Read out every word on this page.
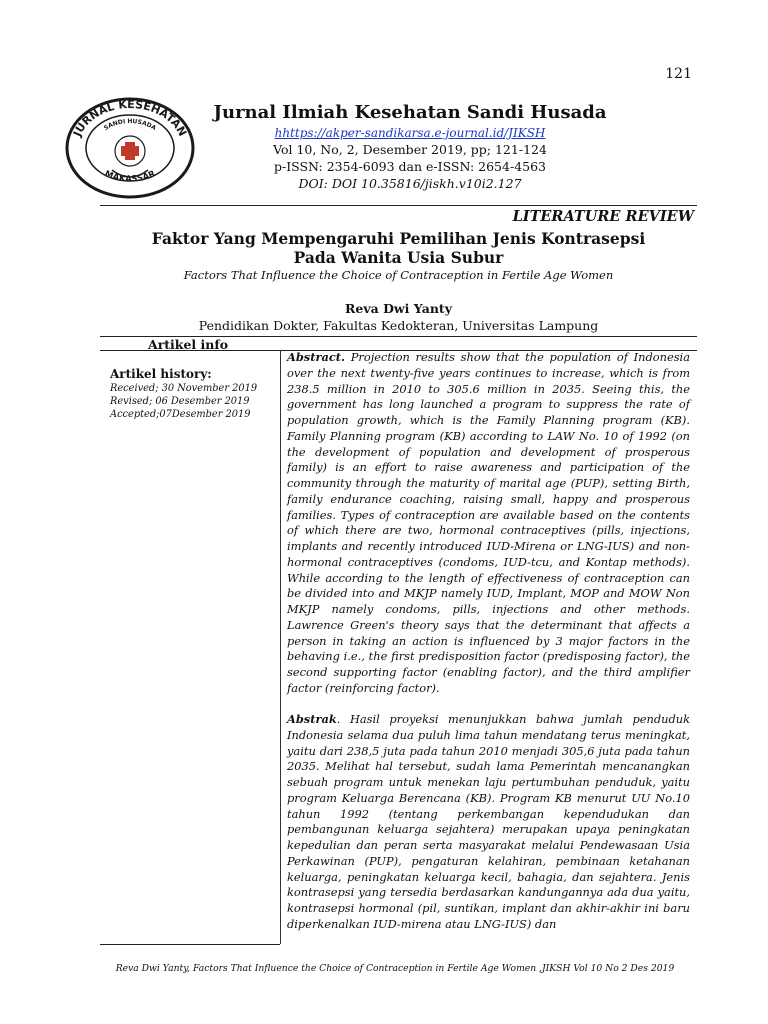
121
JURNAL KESEHATAN
SANDI HUSADA
MAKASSAR
Jurnal Ilmiah Kesehatan Sandi Husada
hhttps://akper-sandikarsa.e-journal.id/JIKSH
Vol 10, No, 2, Desember 2019, pp; 121-124
p-ISSN: 2354-6093 dan e-ISSN: 2654-4563
DOI: DOI 10.35816/jiskh.v10i2.127
LITERATURE REVIEW
Faktor Yang Mempengaruhi Pemilihan Jenis Kontrasepsi
Pada Wanita Usia Subur
Factors That Influence the Choice of Contraception in Fertile Age Women
Reva Dwi Yanty
Pendidikan Dokter, Fakultas Kedokteran, Universitas Lampung
Artikel info
Artikel history:
Received; 30 November 2019
Revised; 06 Desember 2019
Accepted;07Desember 2019
Abstract. Projection results show that the population of Indonesia over the next twenty-five years continues to increase, which is from 238.5 million in 2010 to 305.6 million in 2035. Seeing this, the government has long launched a program to suppress the rate of population growth, which is the Family Planning program (KB). Family Planning program (KB) according to LAW No. 10 of 1992 (on the development of population and development of prosperous family) is an effort to raise awareness and participation of the community through the maturity of marital age (PUP), setting Birth, family endurance coaching, raising small, happy and prosperous families. Types of contraception are available based on the contents of which there are two, hormonal contraceptives (pills, injections, implants and recently introduced IUD-Mirena or LNG-IUS) and non-hormonal contraceptives (condoms, IUD-tcu, and Kontap methods). While according to the length of effectiveness of contraception can be divided into and MKJP namely IUD, Implant, MOP and MOW Non MKJP namely condoms, pills, injections and other methods. Lawrence Green's theory says that the determinant that affects a person in taking an action is influenced by 3 major factors in the behaving i.e., the first predisposition factor (predisposing factor), the second supporting factor (enabling factor), and the third amplifier factor (reinforcing factor).
Abstrak. Hasil proyeksi menunjukkan bahwa jumlah penduduk Indonesia selama dua puluh lima tahun mendatang terus meningkat, yaitu dari 238,5 juta pada tahun 2010 menjadi 305,6 juta pada tahun 2035. Melihat hal tersebut, sudah lama Pemerintah mencanangkan sebuah program untuk menekan laju pertumbuhan penduduk, yaitu program Keluarga Berencana (KB). Program KB menurut UU No.10 tahun 1992 (tentang perkembangan kependudukan dan pembangunan keluarga sejahtera) merupakan upaya peningkatan kepedulian dan peran serta masyarakat melalui Pendewasaan Usia Perkawinan (PUP), pengaturan kelahiran, pembinaan ketahanan keluarga, peningkatan keluarga kecil, bahagia, dan sejahtera. Jenis kontrasepsi yang tersedia berdasarkan kandungannya ada dua yaitu, kontrasepsi hormonal (pil, suntikan, implant dan akhir-akhir ini baru diperkenalkan IUD-mirena atau LNG-IUS) dan
Reva Dwi Yanty, Factors That Influence the Choice of Contraception in Fertile Age Women ,JIKSH Vol 10 No 2 Des 2019
